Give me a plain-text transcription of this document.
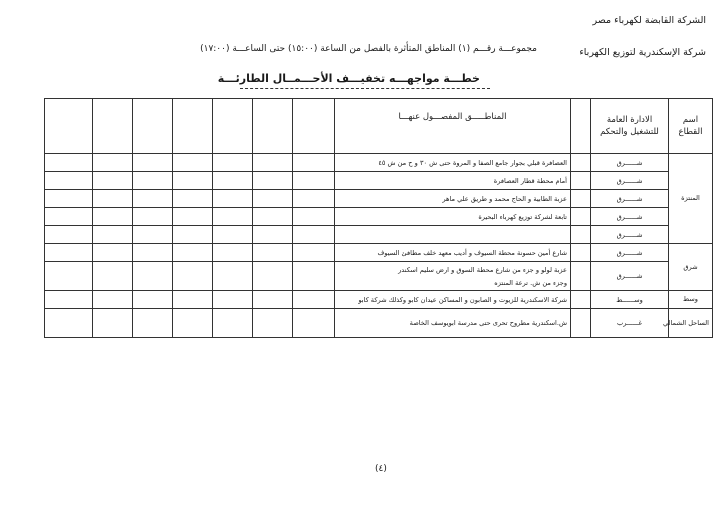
الشركة القابضة لكهرباء مصر
شركة الإسكندرية لتوزيع الكهرباء
مجموعـــة رقـــم (١) المناطق المتأثرة بالفصل من الساعة (١٥:٠٠) حتى الساعـــة (١٧:٠٠)
خطـــة مواجهـــه تخفيـــف الأحـــمــال الطارئـــة
اسم القطاع	الادارة العامة للتشغيل والتحكم		المناطـــــق المفصـــول عنهـــا							
المنتزة	شــــــرق		العصافرة قبلي بجوار جامع الصفا و المروة حتى ش ٣٠ و ح من ش ٤٥							
	شــــــرق		أمام محطة قطار العصافرة							
	شــــــرق		عزبة الطابية و الحاج محمد و طريق علي ماهر							
	شــــــرق		تابعة لشركة توزيع كهرباء البحيرة							
	شــــــرق									
شرق	شــــــرق		شارع أمين حسونة محطة السيوف و أديب معهد خلف مطافئ السيوف							
	شــــــرق		عزبة لولو و جزء من شارع محطة السوق و ارض سليم اسكندر
وجزء من ش. ترعة المنتزه							

وسط	وســــــط		شركة الاسكندرية للزيوت و الصابون و المساكن عيدان كابو وكذلك شركة كابو							
الساحل الشمالي	غــــــرب		ش.اسكندرية مطروح تحرى حتى مدرسة ابويوسف الخاصة							
(٤)
